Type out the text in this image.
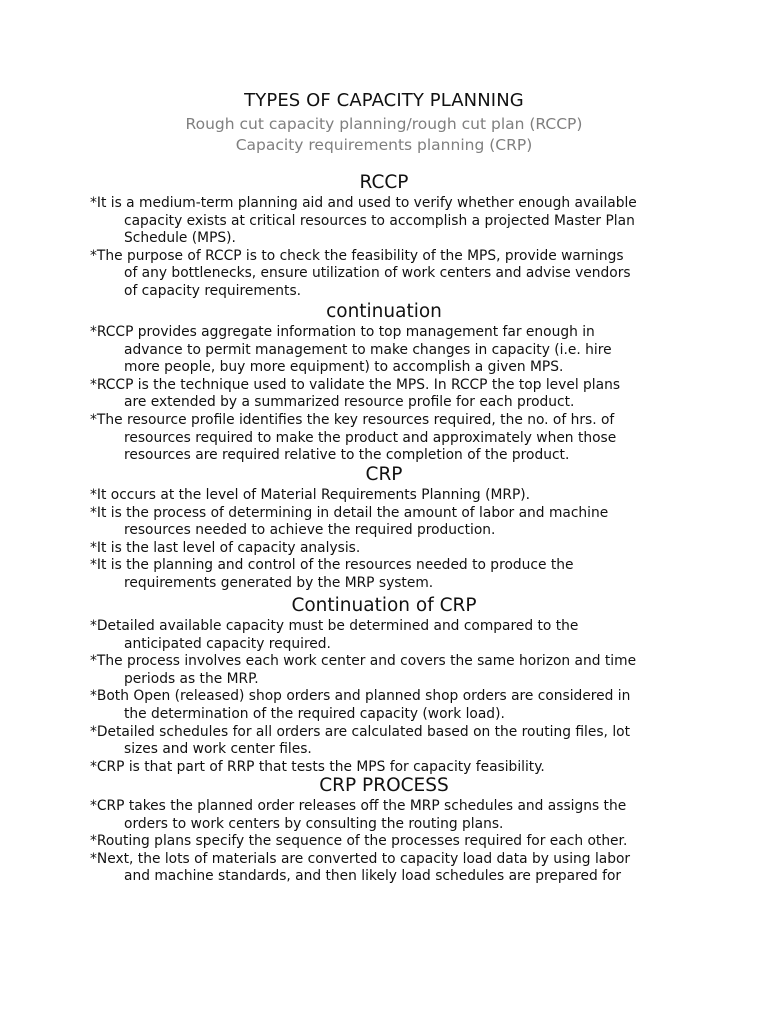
TYPES OF CAPACITY PLANNING
Rough cut capacity planning/rough cut plan (RCCP)
Capacity requirements planning (CRP)
RCCP

*It is a medium-term planning aid and used to verify whether enough available
capacity exists at critical resources to accomplish a projected Master Plan
Schedule (MPS).

*The purpose of RCCP is to check the feasibility of the MPS, provide warnings
of any bottlenecks, ensure utilization of work centers and advise vendors
of capacity requirements.

continuation

*RCCP provides aggregate information to top management far enough in
advance to permit management to make changes in capacity (i.e. hire
more people, buy more equipment) to accomplish a given MPS.

*RCCP is the technique used to validate the MPS. In RCCP the top level plans
are extended by a summarized resource profile for each product.

*The resource profile identifies the key resources required, the no. of hrs. of
resources required to make the product and approximately when those
resources are required relative to the completion of the product.

CRP

*It occurs at the level of Material Requirements Planning (MRP).

*It is the process of determining in detail the amount of labor and machine
resources needed to achieve the required production.

*It is the last level of capacity analysis.

*It is the planning and control of the resources needed to produce the
requirements generated by the MRP system.

Continuation of CRP

*Detailed available capacity must be determined and compared to the
anticipated capacity required.

*The process involves each work center and covers the same horizon and time
periods as the MRP.

*Both Open (released) shop orders and planned shop orders are considered in
the determination of the required capacity (work load).

*Detailed schedules for all orders are calculated based on the routing files, lot
sizes and work center files.

*CRP is that part of RRP that tests the MPS for capacity feasibility.

CRP PROCESS

*CRP takes the planned order releases off the MRP schedules and assigns the
orders to work centers by consulting the routing plans.

*Routing plans specify the sequence of the processes required for each other.

*Next, the lots of materials are converted to capacity load data by using labor
and machine standards, and then likely load schedules are prepared for
